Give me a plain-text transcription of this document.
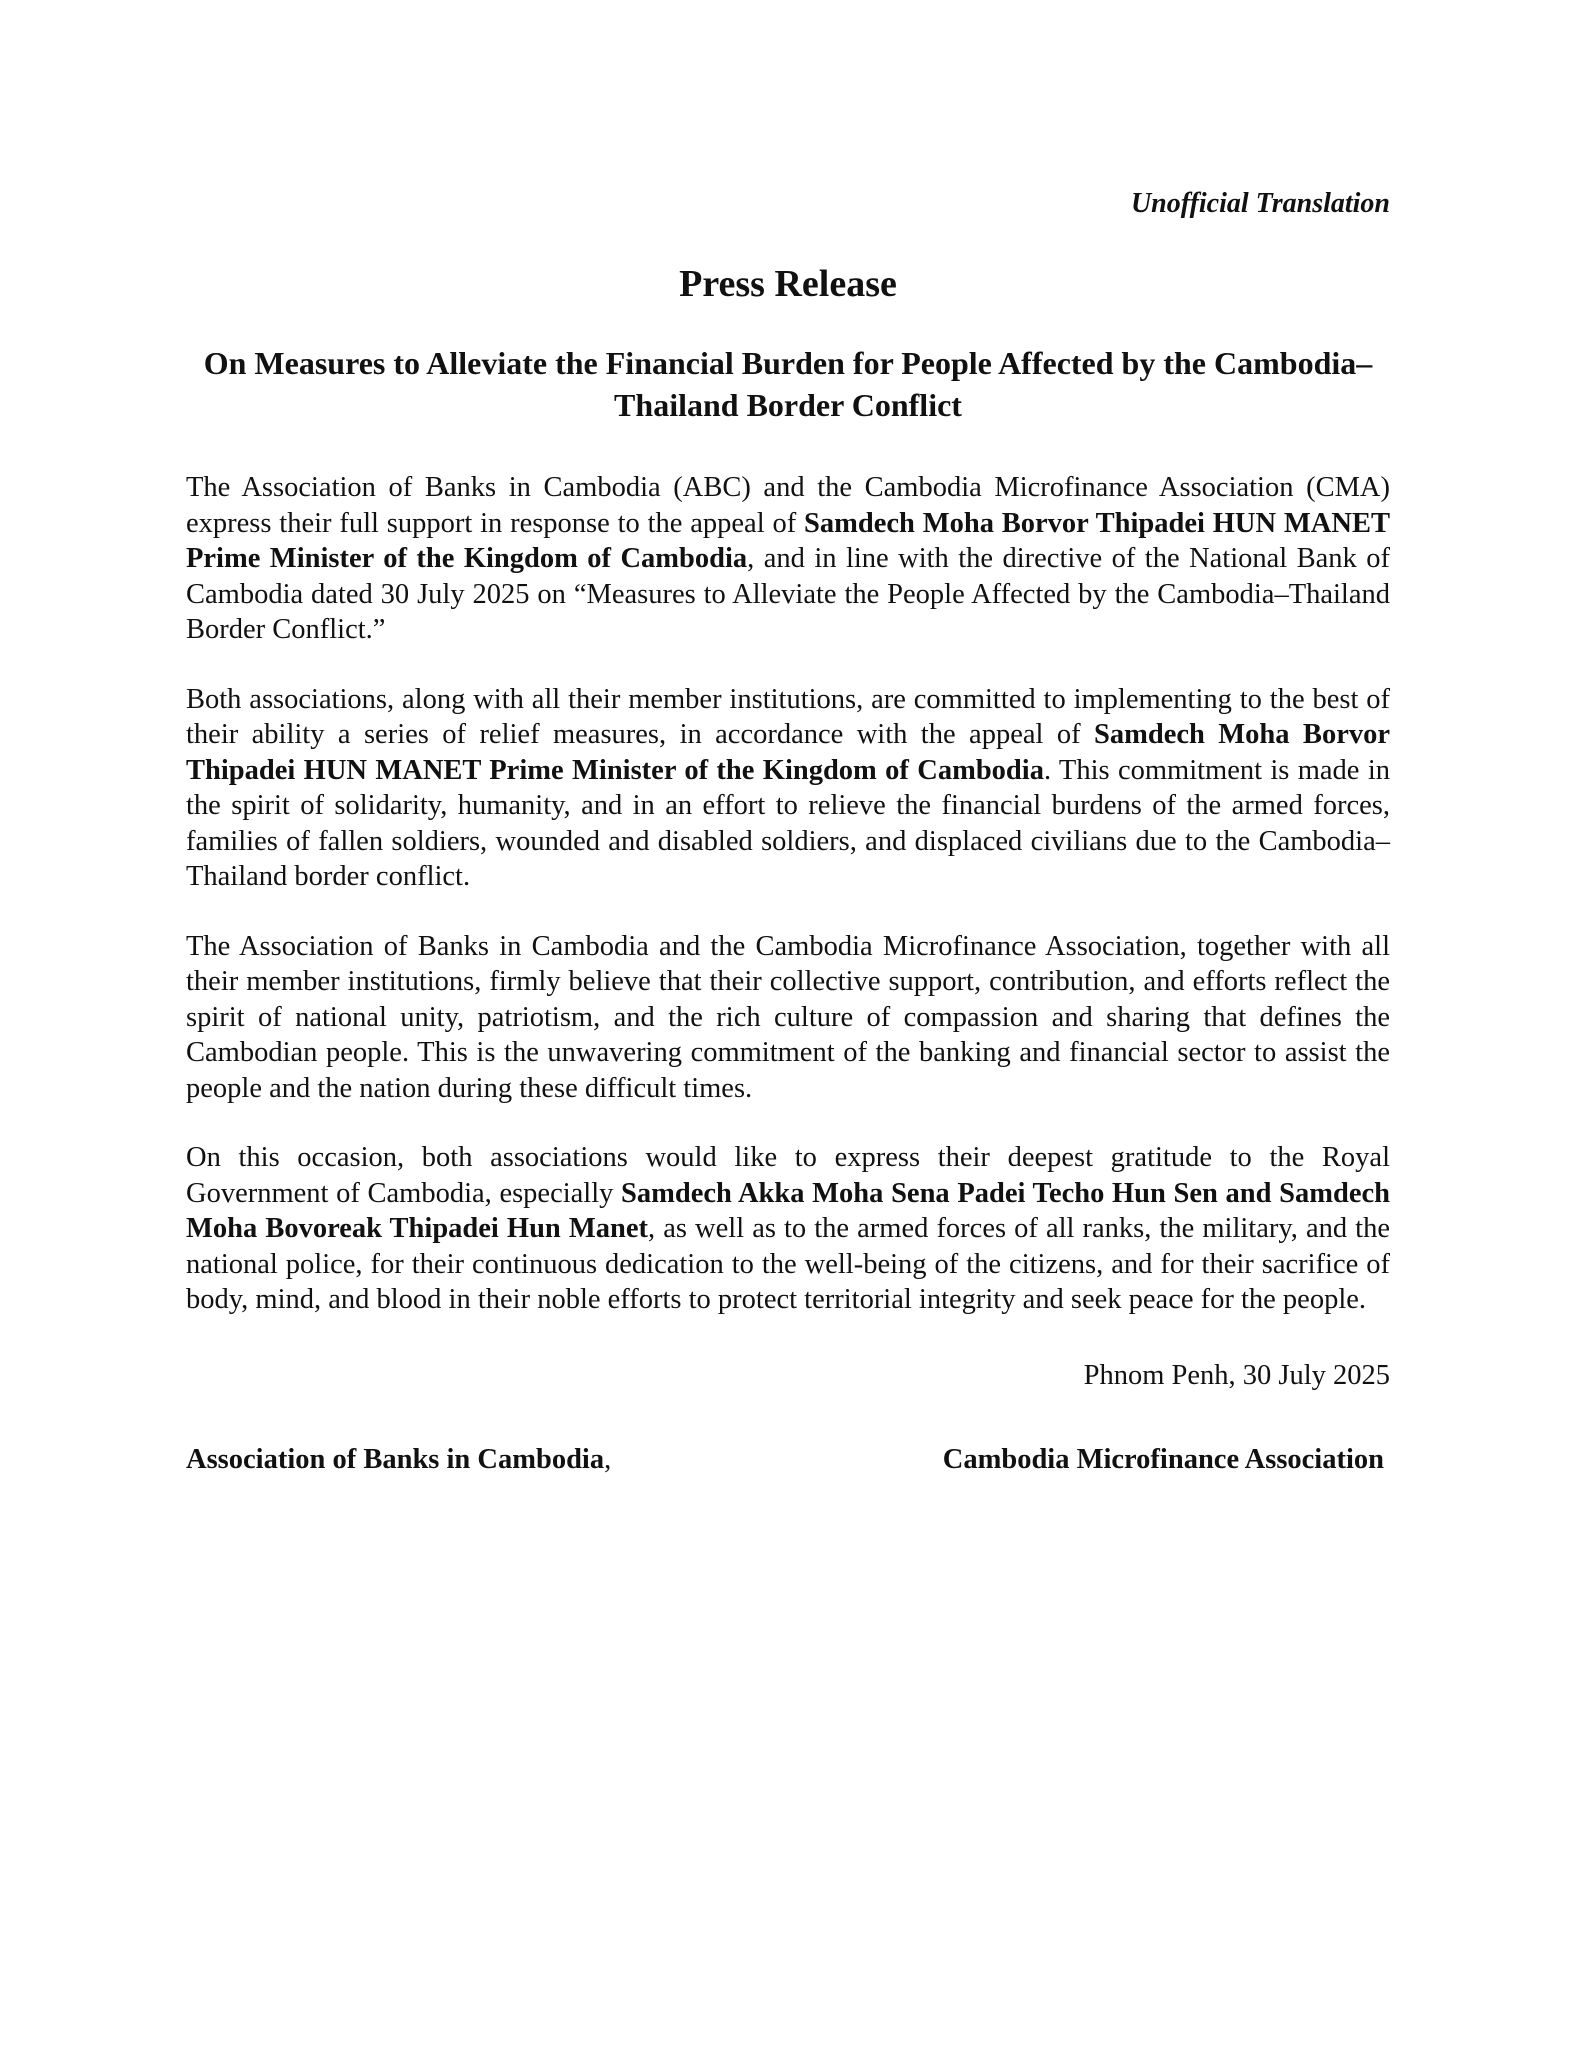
Unofficial Translation

Press Release
On Measures to Alleviate the Financial Burden for People Affected by the Cambodia–Thailand Border Conflict

The Association of Banks in Cambodia (ABC) and the Cambodia Microfinance Association (CMA) express their full support in response to the appeal of Samdech Moha Borvor Thipadei HUN MANET Prime Minister of the Kingdom of Cambodia, and in line with the directive of the National Bank of Cambodia dated 30 July 2025 on “Measures to Alleviate the People Affected by the Cambodia–Thailand Border Conflict.”

Both associations, along with all their member institutions, are committed to implementing to the best of their ability a series of relief measures, in accordance with the appeal of Samdech Moha Borvor Thipadei HUN MANET Prime Minister of the Kingdom of Cambodia. This commitment is made in the spirit of solidarity, humanity, and in an effort to relieve the financial burdens of the armed forces, families of fallen soldiers, wounded and disabled soldiers, and displaced civilians due to the Cambodia–Thailand border conflict.

The Association of Banks in Cambodia and the Cambodia Microfinance Association, together with all their member institutions, firmly believe that their collective support, contribution, and efforts reflect the spirit of national unity, patriotism, and the rich culture of compassion and sharing that defines the Cambodian people. This is the unwavering commitment of the banking and financial sector to assist the people and the nation during these difficult times.

On this occasion, both associations would like to express their deepest gratitude to the Royal Government of Cambodia, especially Samdech Akka Moha Sena Padei Techo Hun Sen and Samdech Moha Bovoreak Thipadei Hun Manet, as well as to the armed forces of all ranks, the military, and the national police, for their continuous dedication to the well-being of the citizens, and for their sacrifice of body, mind, and blood in their noble efforts to protect territorial integrity and seek peace for the people.

Phnom Penh, 30 July 2025

Association of Banks in Cambodia,	Cambodia Microfinance Association
